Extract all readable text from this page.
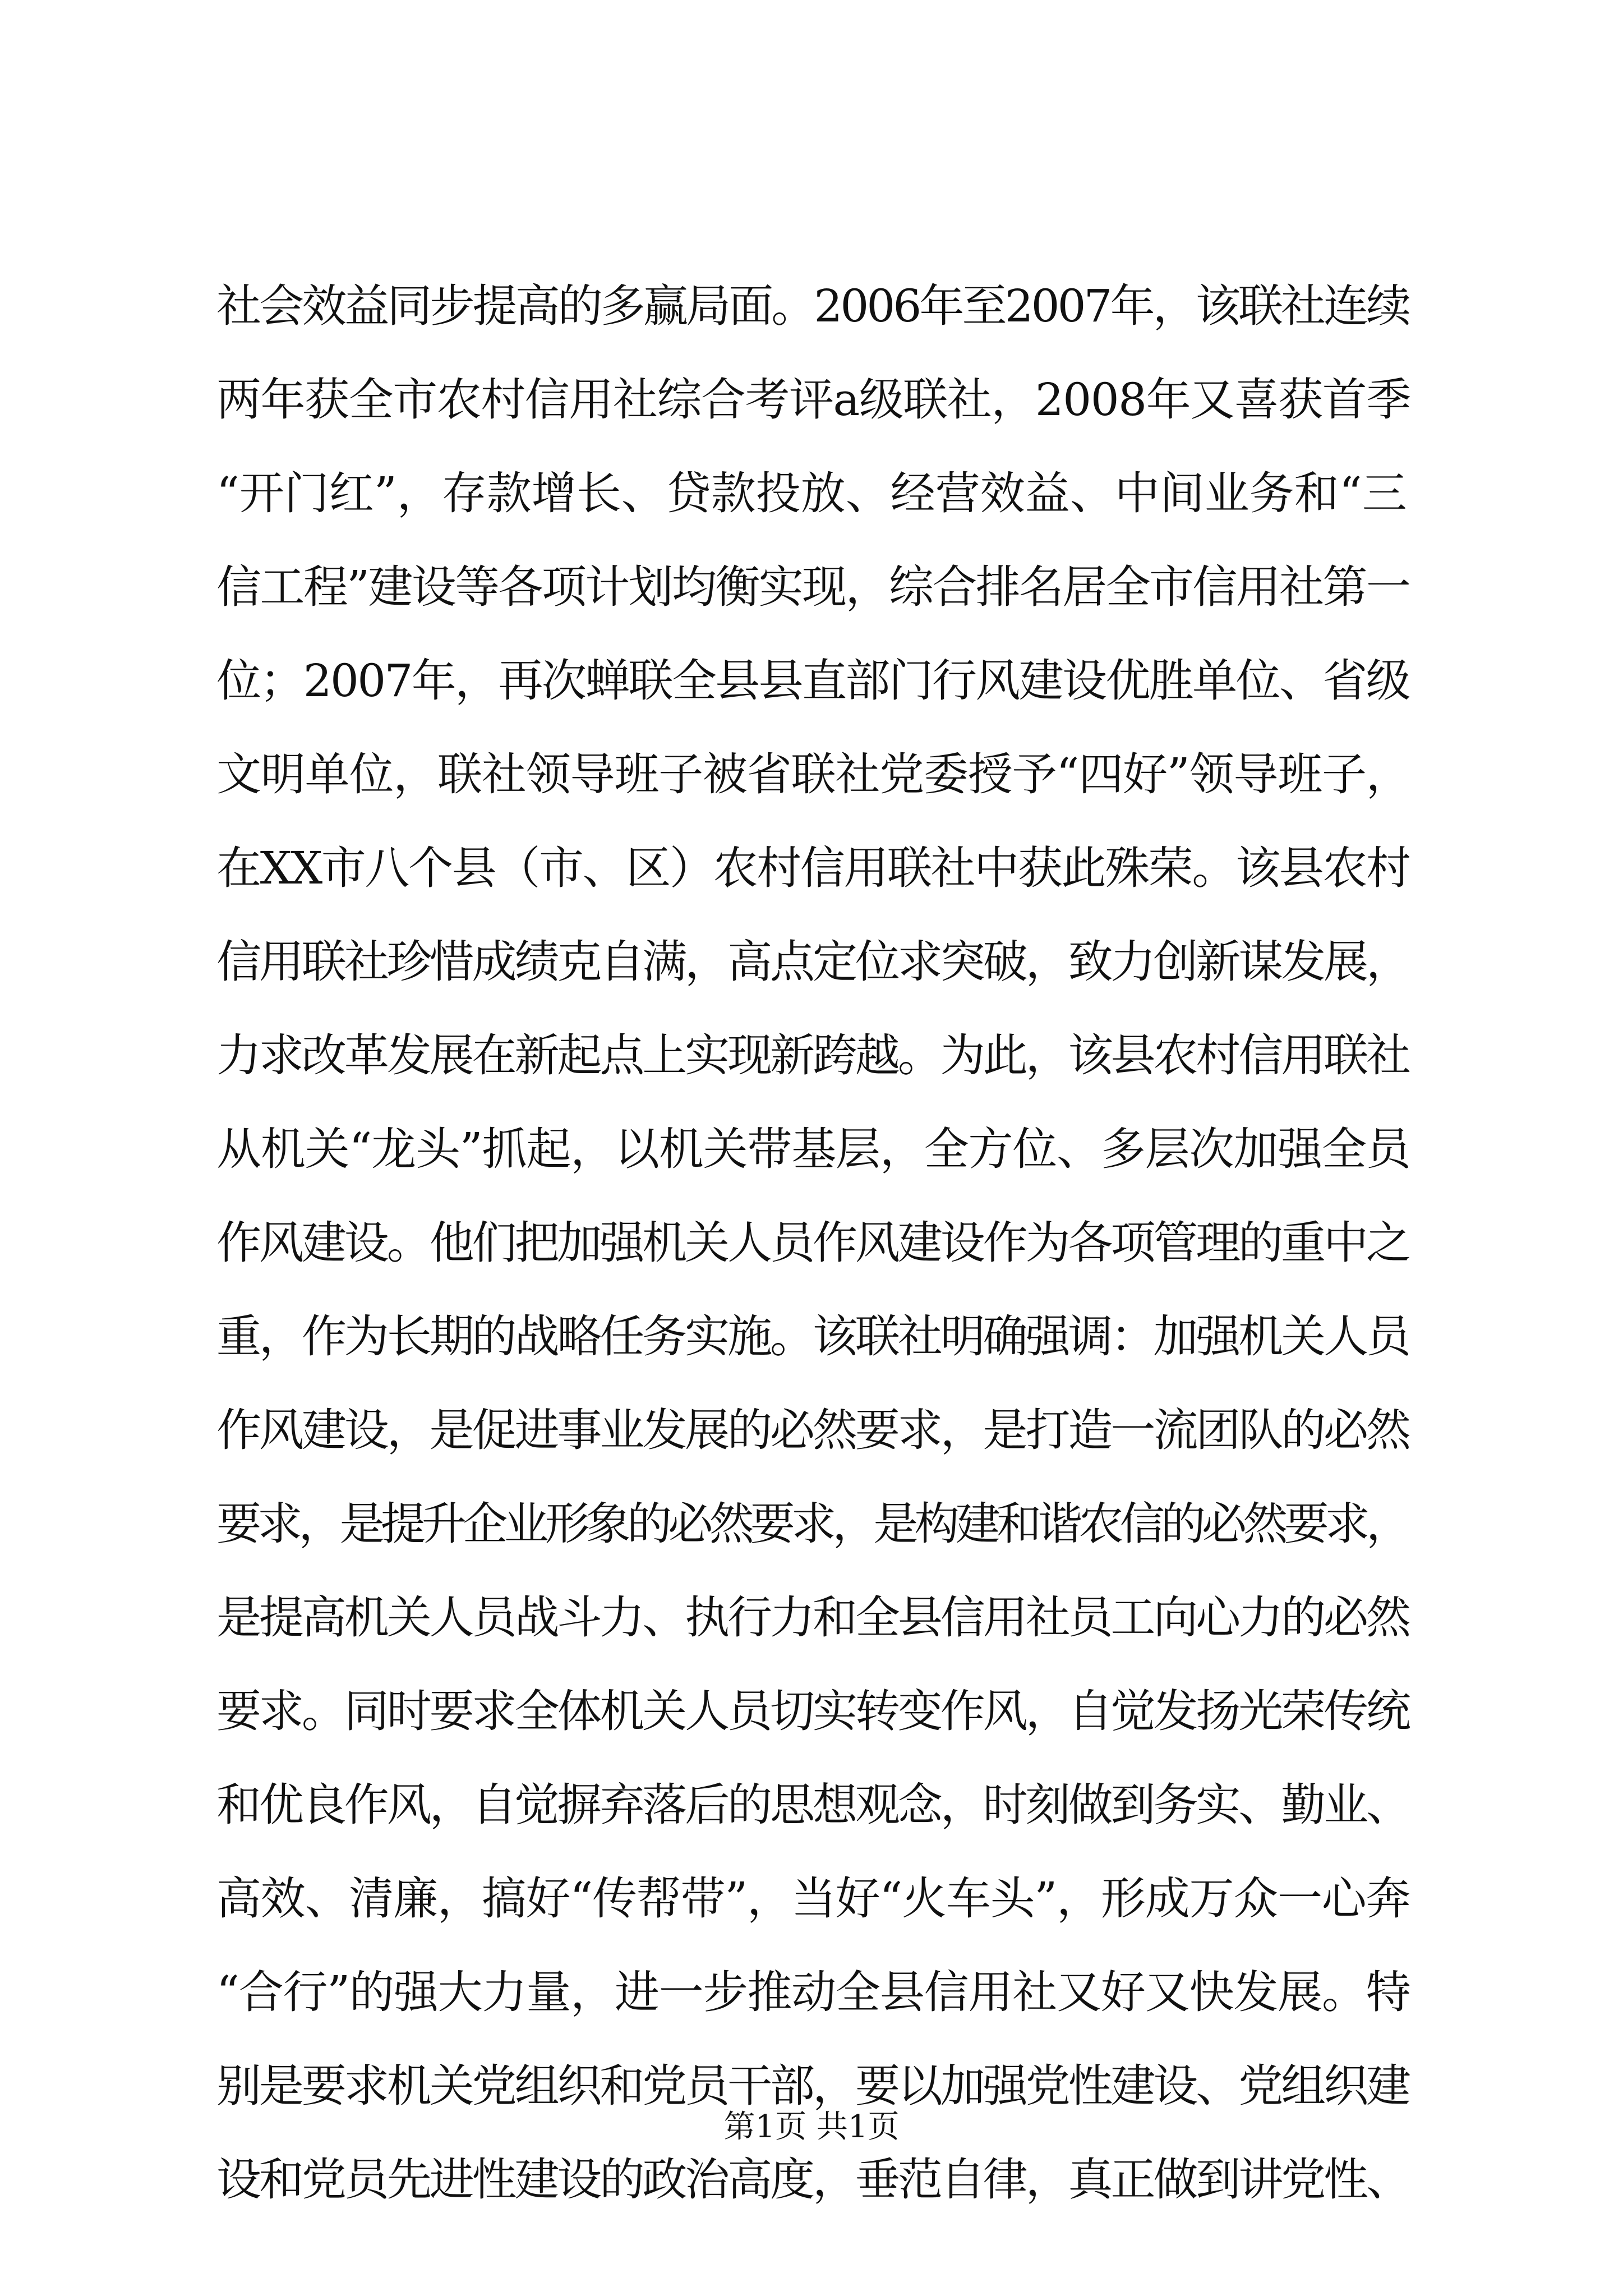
社会效益同步提高的多赢局面。2006年至2007年，该联社连续
两年获全市农村信用社综合考评a级联社，2008年又喜获首季
“开门红”，存款增长、贷款投放、经营效益、中间业务和“三
信工程”建设等各项计划均衡实现，综合排名居全市信用社第一
位；2007年，再次蝉联全县县直部门行风建设优胜单位、省级
文明单位，联社领导班子被省联社党委授予“四好”领导班子，
在XX市八个县（市、区）农村信用联社中获此殊荣。该县农村
信用联社珍惜成绩克自满，高点定位求突破，致力创新谋发展，
力求改革发展在新起点上实现新跨越。为此，该县农村信用联社
从机关“龙头”抓起，以机关带基层，全方位、多层次加强全员
作风建设。他们把加强机关人员作风建设作为各项管理的重中之
重，作为长期的战略任务实施。该联社明确强调：加强机关人员
作风建设，是促进事业发展的必然要求，是打造一流团队的必然
要求，是提升企业形象的必然要求，是构建和谐农信的必然要求，
是提高机关人员战斗力、执行力和全县信用社员工向心力的必然
要求。同时要求全体机关人员切实转变作风，自觉发扬光荣传统
和优良作风，自觉摒弃落后的思想观念，时刻做到务实、勤业、
高效、清廉，搞好“传帮带”，当好“火车头”，形成万众一心奔
“合行”的强大力量，进一步推动全县信用社又好又快发展。特
别是要求机关党组织和党员干部，要以加强党性建设、党组织建
设和党员先进性建设的政治高度，垂范自律，真正做到讲党性、
第1页 共1页
